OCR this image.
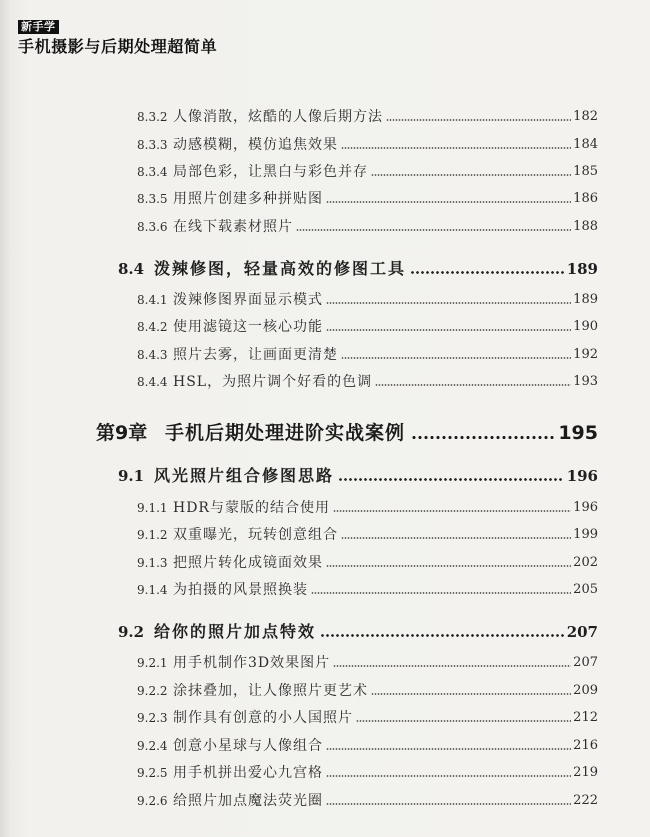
新手学
手机摄影与后期处理超简单
8.3.2 人像消散，炫酷的人像后期方法	182
8.3.3 动感模糊，模仿追焦效果	184
8.3.4 局部色彩，让黑白与彩色并存	185
8.3.5 用照片创建多种拼贴图	186
8.3.6 在线下载素材照片	188
8.4 泼辣修图，轻量高效的修图工具	189
8.4.1 泼辣修图界面显示模式	189
8.4.2 使用滤镜这一核心功能	190
8.4.3 照片去雾，让画面更清楚	192
8.4.4 HSL，为照片调个好看的色调	193
第9章 手机后期处理进阶实战案例	195
9.1 风光照片组合修图思路	196
9.1.1 HDR与蒙版的结合使用	196
9.1.2 双重曝光，玩转创意组合	199
9.1.3 把照片转化成镜面效果	202
9.1.4 为拍摄的风景照换装	205
9.2 给你的照片加点特效	207
9.2.1 用手机制作3D效果图片	207
9.2.2 涂抹叠加，让人像照片更艺术	209
9.2.3 制作具有创意的小人国照片	212
9.2.4 创意小星球与人像组合	216
9.2.5 用手机拼出爱心九宫格	219
9.2.6 给照片加点魔法荧光圈	222
